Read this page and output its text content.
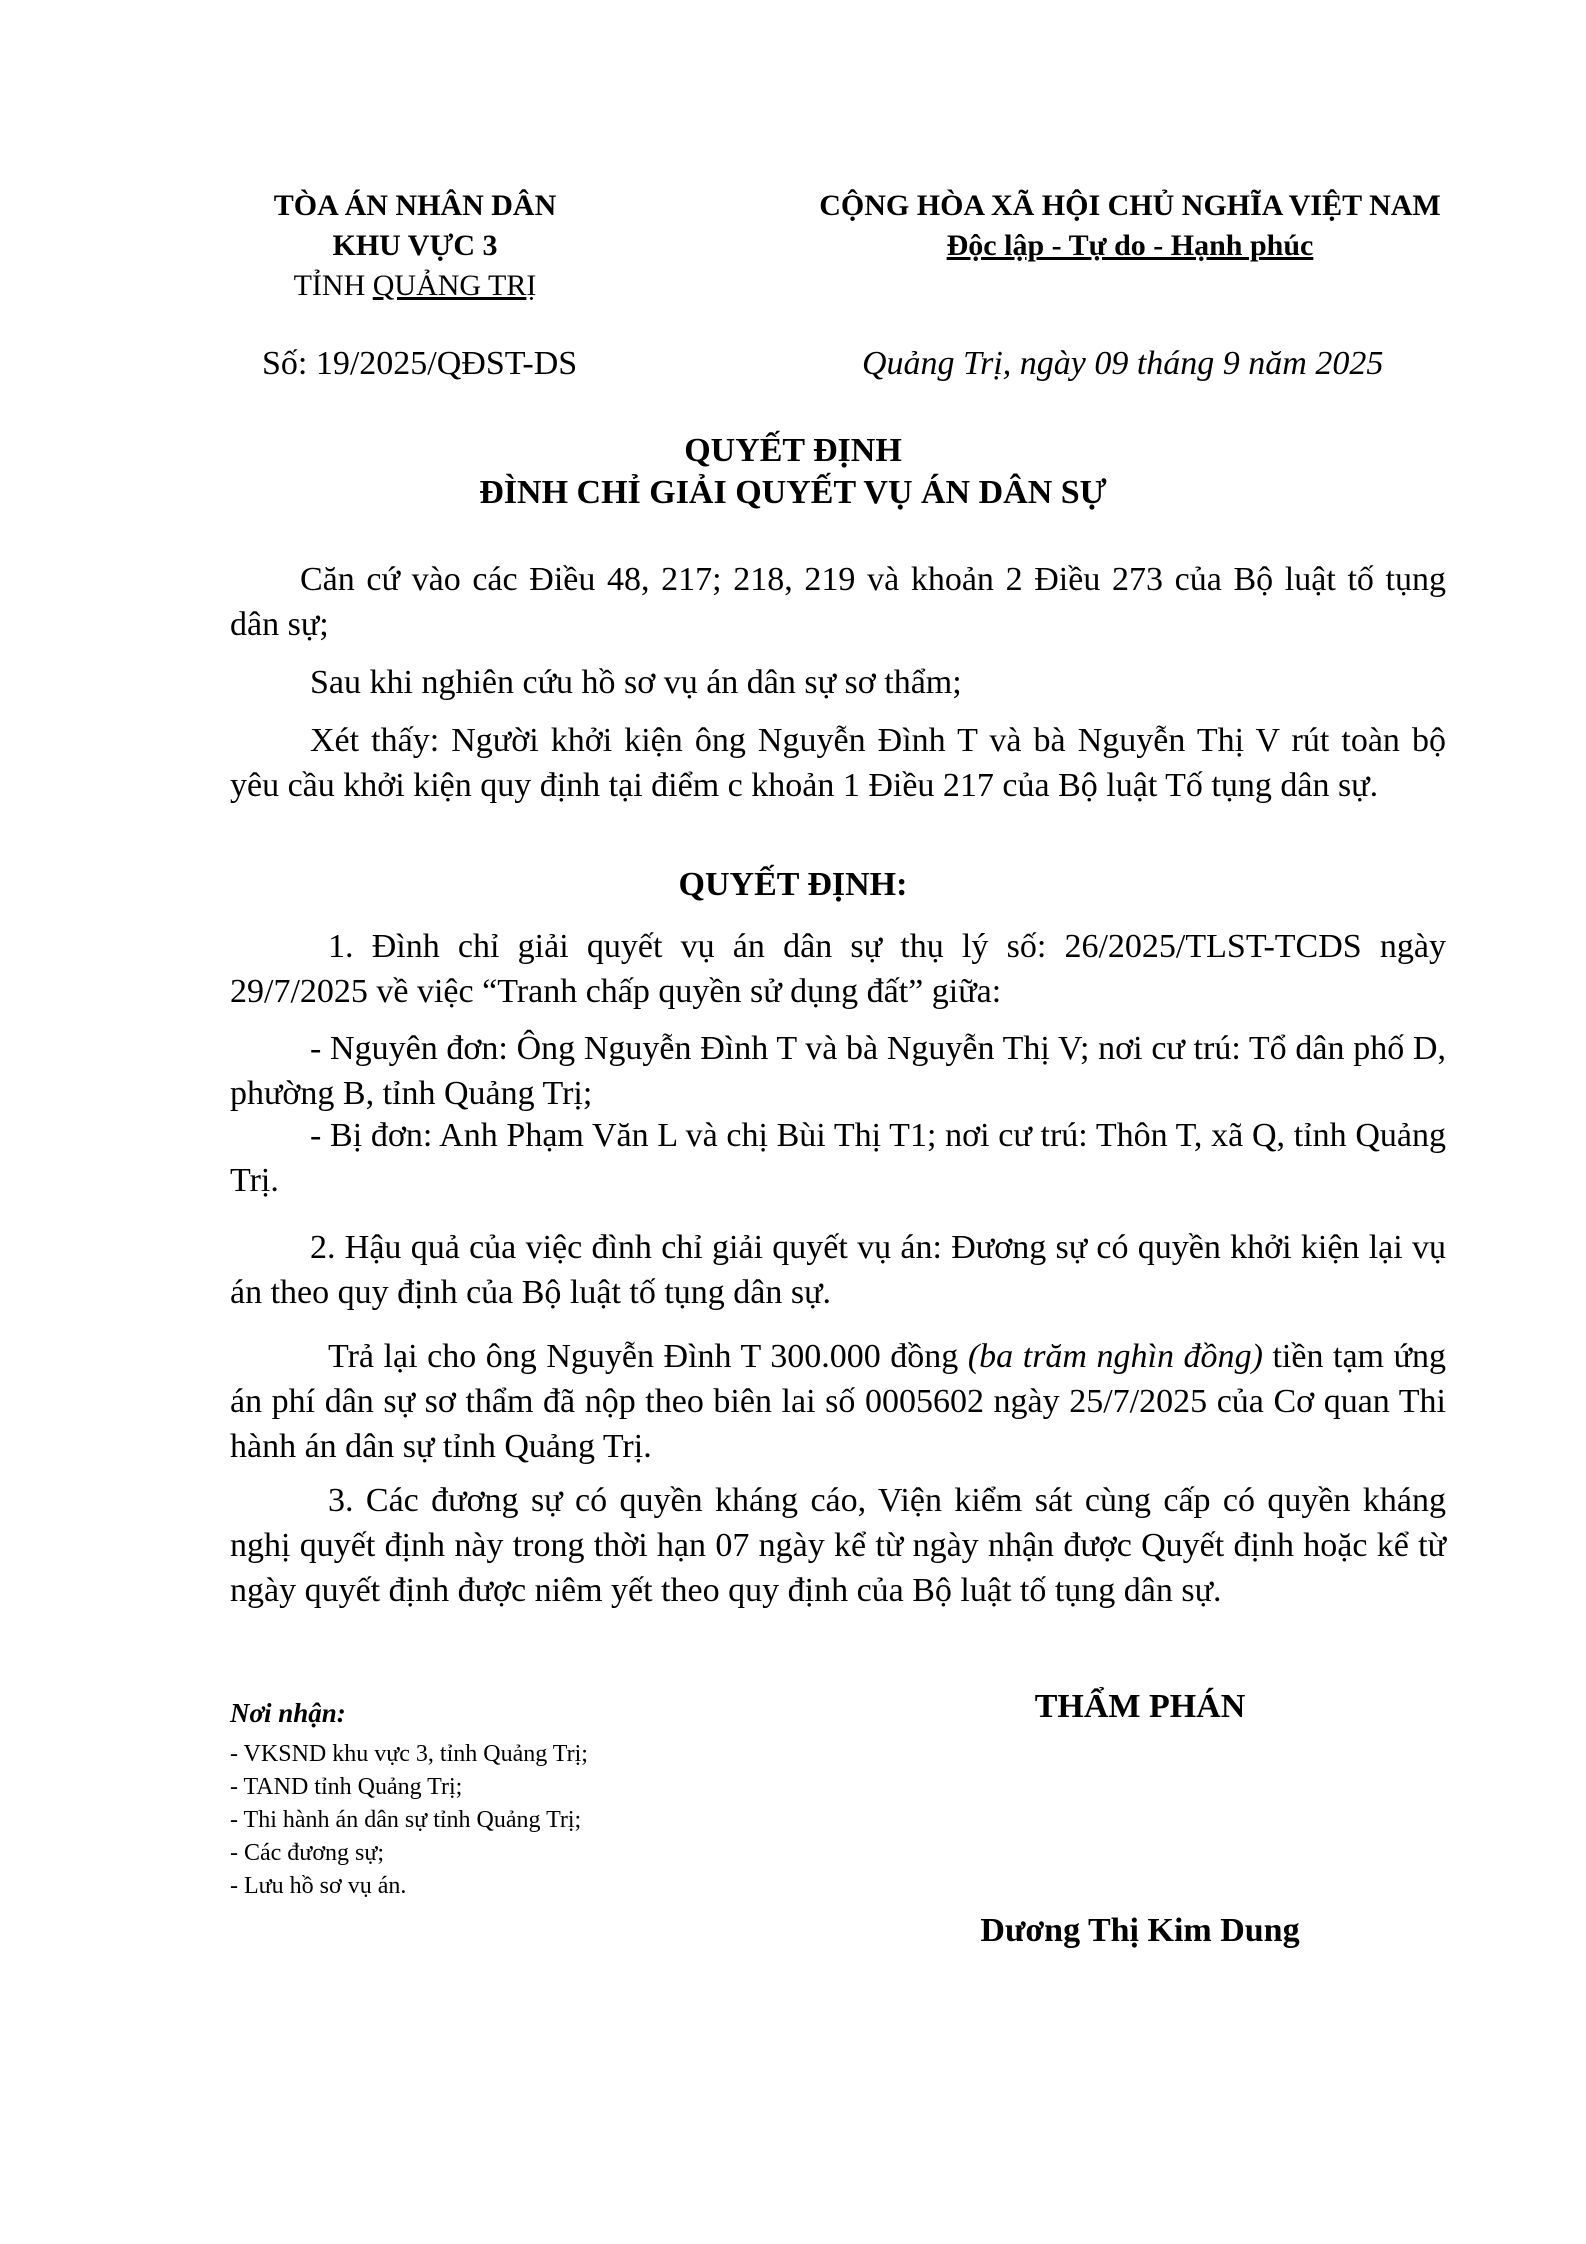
TÒA ÁN NHÂN DÂN
KHU VỰC 3
TỈNH QUẢNG TRỊ
CỘNG HÒA XÃ HỘI CHỦ NGHĨA VIỆT NAM
Độc lập - Tự do - Hạnh phúc
Số: 19/2025/QĐST-DS	Quảng Trị, ngày 09 tháng 9 năm 2025
QUYẾT ĐỊNH
ĐÌNH CHỈ GIẢI QUYẾT VỤ ÁN DÂN SỰ

Căn cứ vào các Điều 48, 217; 218, 219 và khoản 2 Điều 273 của Bộ luật tố tụng dân sự;

Sau khi nghiên cứu hồ sơ vụ án dân sự sơ thẩm;

Xét thấy: Người khởi kiện ông Nguyễn Đình T và bà Nguyễn Thị V rút toàn bộ yêu cầu khởi kiện quy định tại điểm c khoản 1 Điều 217 của Bộ luật Tố tụng dân sự.

QUYẾT ĐỊNH:

1. Đình chỉ giải quyết vụ án dân sự thụ lý số: 26/2025/TLST-TCDS ngày 29/7/2025 về việc “Tranh chấp quyền sử dụng đất” giữa:

- Nguyên đơn: Ông Nguyễn Đình T và bà Nguyễn Thị V; nơi cư trú: Tổ dân phố D, phường B, tỉnh Quảng Trị;

- Bị đơn: Anh Phạm Văn L và chị Bùi Thị T1; nơi cư trú: Thôn T, xã Q, tỉnh Quảng Trị.

2. Hậu quả của việc đình chỉ giải quyết vụ án: Đương sự có quyền khởi kiện lại vụ án theo quy định của Bộ luật tố tụng dân sự.

Trả lại cho ông Nguyễn Đình T 300.000 đồng (ba trăm nghìn đồng) tiền tạm ứng án phí dân sự sơ thẩm đã nộp theo biên lai số 0005602 ngày 25/7/2025 của Cơ quan Thi hành án dân sự tỉnh Quảng Trị.

3. Các đương sự có quyền kháng cáo, Viện kiểm sát cùng cấp có quyền kháng nghị quyết định này trong thời hạn 07 ngày kể từ ngày nhận được Quyết định hoặc kể từ ngày quyết định được niêm yết theo quy định của Bộ luật tố tụng dân sự.

Nơi nhận:
- VKSND khu vực 3, tỉnh Quảng Trị;
- TAND tỉnh Quảng Trị;
- Thi hành án dân sự tỉnh Quảng Trị;
- Các đương sự;
- Lưu hồ sơ vụ án.
THẨM PHÁN
Dương Thị Kim Dung
